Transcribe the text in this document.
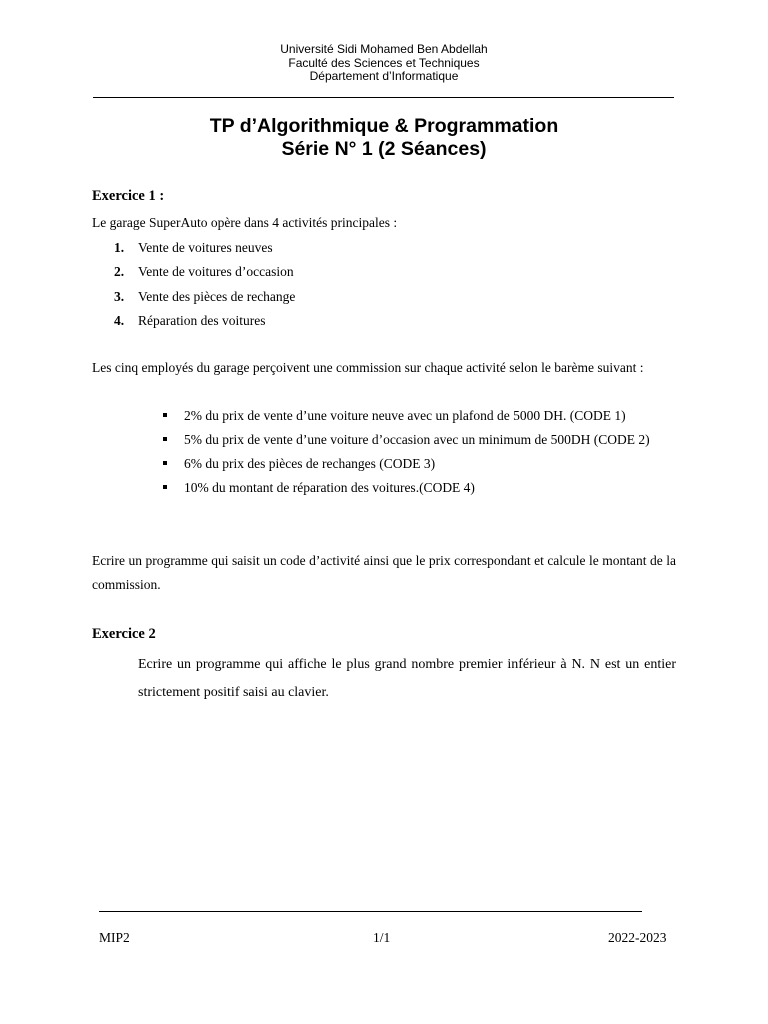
Université Sidi Mohamed Ben Abdellah
Faculté des Sciences et Techniques
Département d’Informatique
TP d’Algorithmique & Programmation
Série N° 1 (2 Séances)
Exercice 1 :
Le garage SuperAuto opère dans 4 activités principales :
1. Vente de voitures neuves
2. Vente de voitures d’occasion
3. Vente des pièces de rechange
4. Réparation des voitures
Les cinq employés du garage perçoivent une commission sur chaque activité selon le barème suivant :
2% du prix de vente d’une voiture neuve avec un plafond de 5000 DH. (CODE 1)
5% du prix de vente d’une voiture d’occasion avec un minimum de 500DH (CODE 2)
6% du prix des pièces de rechanges (CODE 3)
10% du montant de réparation des voitures.(CODE 4)
Ecrire un programme qui saisit un code d’activité ainsi que le prix correspondant et calcule le montant de la commission.
Exercice 2
Ecrire un programme qui affiche le plus grand nombre premier inférieur à N. N est un entier strictement positif saisi au clavier.
MIP2	1/1	2022-2023
